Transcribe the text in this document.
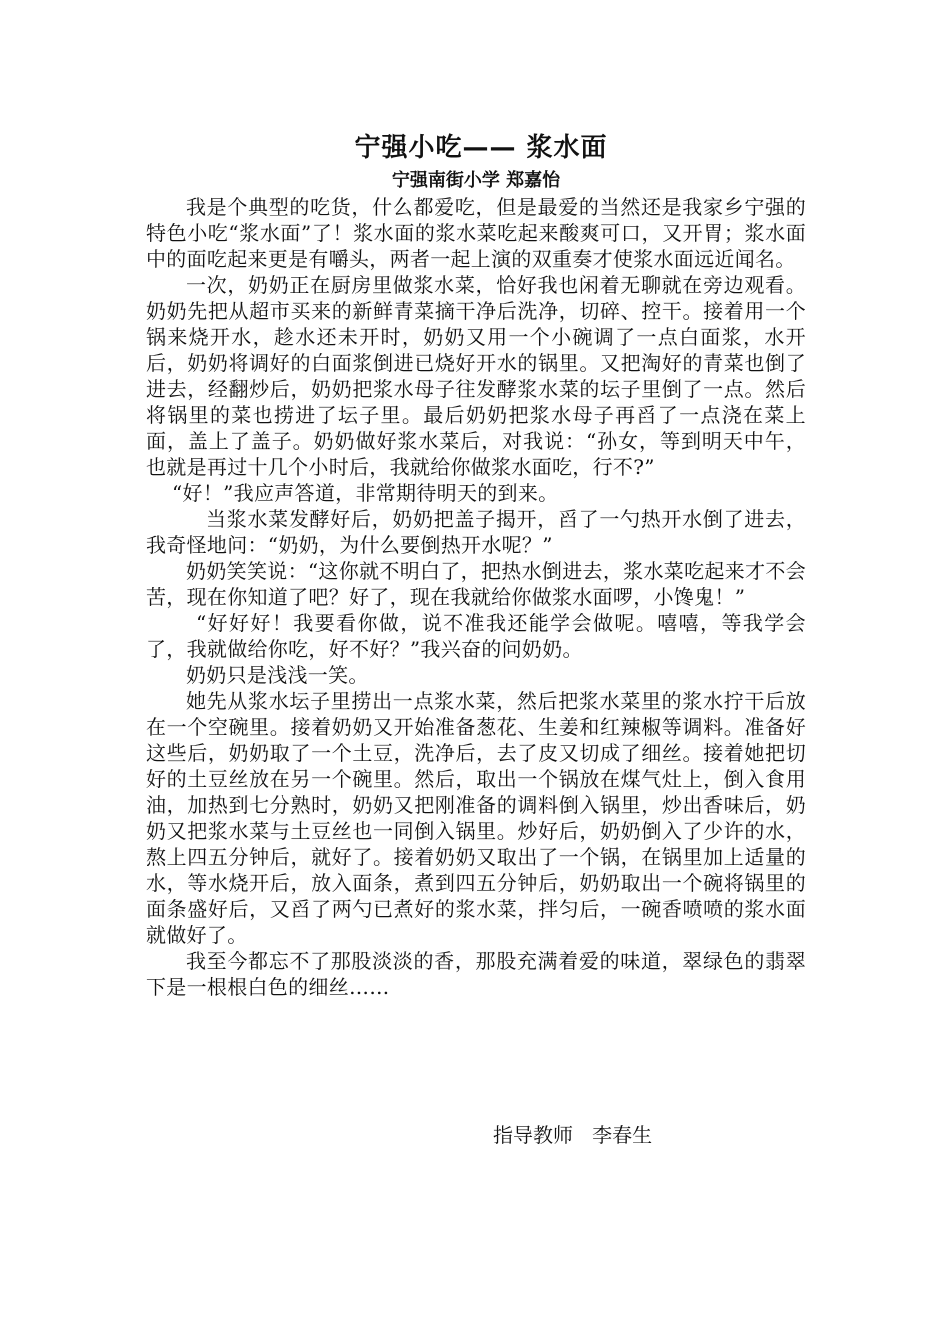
宁强小吃—— 浆水面

宁强南街小学 郑嘉怡

我是个典型的吃货，什么都爱吃，但是最爱的当然还是我家乡宁强的特色小吃“浆水面”了！浆水面的浆水菜吃起来酸爽可口，又开胃；浆水面中的面吃起来更是有嚼头，两者一起上演的双重奏才使浆水面远近闻名。

一次，奶奶正在厨房里做浆水菜，恰好我也闲着无聊就在旁边观看。奶奶先把从超市买来的新鲜青菜摘干净后洗净，切碎、控干。接着用一个锅来烧开水，趁水还未开时，奶奶又用一个小碗调了一点白面浆，水开后，奶奶将调好的白面浆倒进已烧好开水的锅里。又把淘好的青菜也倒了进去，经翻炒后，奶奶把浆水母子往发酵浆水菜的坛子里倒了一点。然后将锅里的菜也捞进了坛子里。最后奶奶把浆水母子再舀了一点浇在菜上面，盖上了盖子。奶奶做好浆水菜后，对我说：“孙女，等到明天中午，也就是再过十几个小时后，我就给你做浆水面吃，行不?”

“好！”我应声答道，非常期待明天的到来。

当浆水菜发酵好后，奶奶把盖子揭开，舀了一勺热开水倒了进去，我奇怪地问：“奶奶，为什么要倒热开水呢？”

奶奶笑笑说：“这你就不明白了，把热水倒进去，浆水菜吃起来才不会苦，现在你知道了吧？好了，现在我就给你做浆水面啰，小馋鬼！”

“好好好！我要看你做，说不准我还能学会做呢。嘻嘻，等我学会了，我就做给你吃，好不好？”我兴奋的问奶奶。

奶奶只是浅浅一笑。

她先从浆水坛子里捞出一点浆水菜，然后把浆水菜里的浆水拧干后放在一个空碗里。接着奶奶又开始准备葱花、生姜和红辣椒等调料。准备好这些后，奶奶取了一个土豆，洗净后，去了皮又切成了细丝。接着她把切好的土豆丝放在另一个碗里。然后，取出一个锅放在煤气灶上，倒入食用油，加热到七分熟时，奶奶又把刚准备的调料倒入锅里，炒出香味后，奶奶又把浆水菜与土豆丝也一同倒入锅里。炒好后，奶奶倒入了少许的水，熬上四五分钟后，就好了。接着奶奶又取出了一个锅，在锅里加上适量的水，等水烧开后，放入面条，煮到四五分钟后，奶奶取出一个碗将锅里的面条盛好后，又舀了两勺已煮好的浆水菜，拌匀后，一碗香喷喷的浆水面就做好了。

我至今都忘不了那股淡淡的香，那股充满着爱的味道，翠绿色的翡翠下是一根根白色的细丝……

指导教师   李春生
